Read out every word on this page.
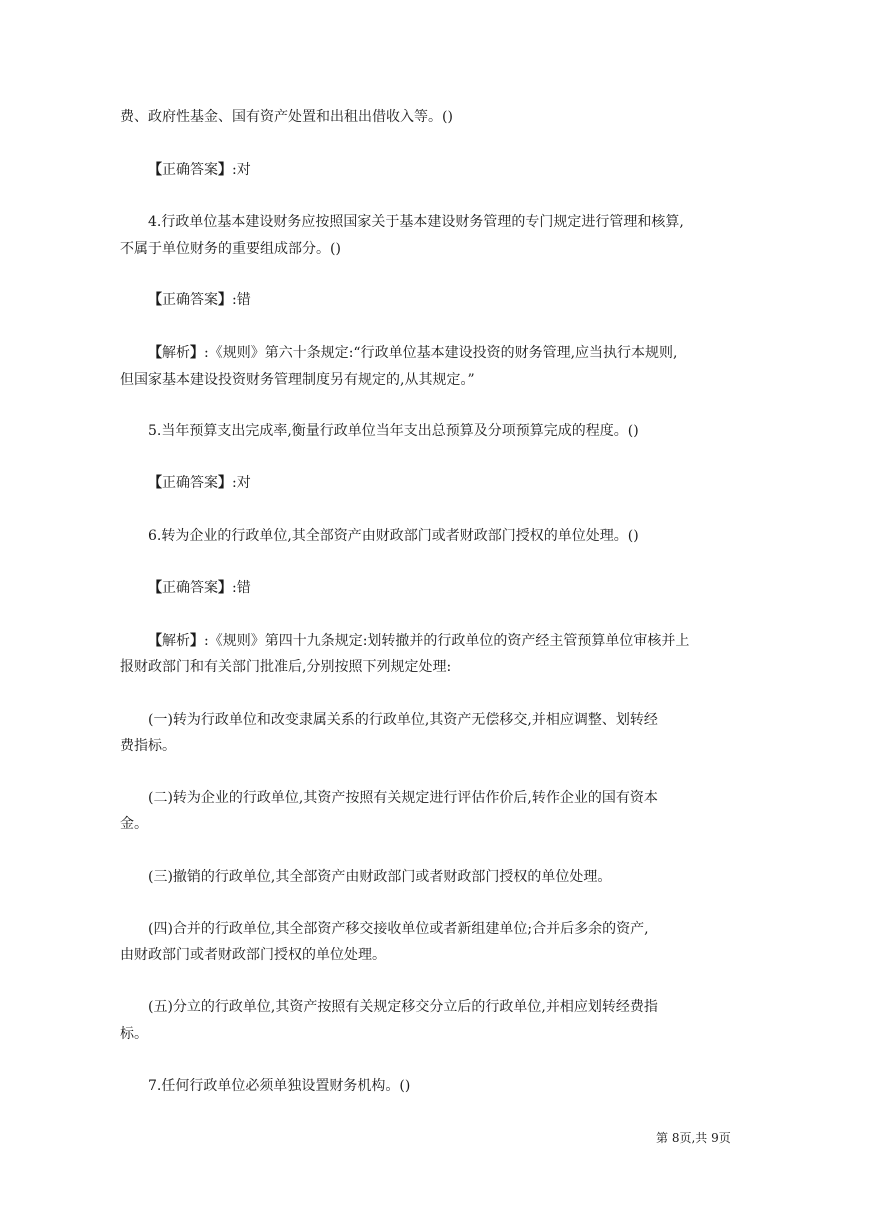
费、政府性基金、国有资产处置和出租出借收入等。()
【正确答案】:对
4.行政单位基本建设财务应按照国家关于基本建设财务管理的专门规定进行管理和核算,
不属于单位财务的重要组成部分。()
【正确答案】:错
【解析】:《规则》第六十条规定:“行政单位基本建设投资的财务管理,应当执行本规则,
但国家基本建设投资财务管理制度另有规定的,从其规定。”
5.当年预算支出完成率,衡量行政单位当年支出总预算及分项预算完成的程度。()
【正确答案】:对
6.转为企业的行政单位,其全部资产由财政部门或者财政部门授权的单位处理。()
【正确答案】:错
【解析】:《规则》第四十九条规定:划转撤并的行政单位的资产经主管预算单位审核并上
报财政部门和有关部门批准后,分别按照下列规定处理:
(一)转为行政单位和改变隶属关系的行政单位,其资产无偿移交,并相应调整、划转经
费指标。
(二)转为企业的行政单位,其资产按照有关规定进行评估作价后,转作企业的国有资本
金。
(三)撤销的行政单位,其全部资产由财政部门或者财政部门授权的单位处理。
(四)合并的行政单位,其全部资产移交接收单位或者新组建单位;合并后多余的资产,
由财政部门或者财政部门授权的单位处理。
(五)分立的行政单位,其资产按照有关规定移交分立后的行政单位,并相应划转经费指
标。
7.任何行政单位必须单独设置财务机构。()
第 8页,共 9页
